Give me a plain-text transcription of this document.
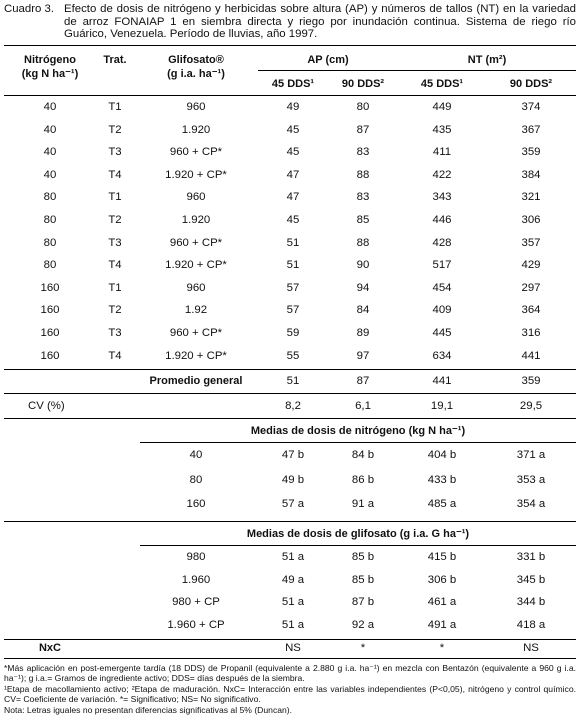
Cuadro 3. Efecto de dosis de nitrógeno y herbicidas sobre altura (AP) y números de tallos (NT) en la variedad de arroz FONAIAP 1 en siembra directa y riego por inundación continua. Sistema de riego río Guárico, Venezuela. Período de lluvias, año 1997.
Nitrógeno
(kg N ha⁻¹)
Trat.	Glifosato®
(g i.a. ha⁻¹)
AP (cm)	NT (m²)
45 DDS¹	90 DDS²	45 DDS¹	90 DDS²
40	T1	960	49	80	449	374
40	T2	1.920	45	87	435	367
40	T3	960 + CP*	45	83	411	359
40	T4	1.920 + CP*	47	88	422	384
80	T1	960	47	83	343	321
80	T2	1.920	45	85	446	306
80	T3	960 + CP*	51	88	428	357
80	T4	1.920 + CP*	51	90	517	429
160	T1	960	57	94	454	297
160	T2	1.92	57	84	409	364
160	T3	960 + CP*	59	89	445	316
160	T4	1.920 + CP*	55	97	634	441
Promedio general	51	87	441	359
CV (%)	8,2	6,1	19,1	29,5
Medias de dosis de nitrógeno (kg N ha⁻¹)
40	47 b	84 b	404 b	371 a
80	49 b	86 b	433 b	353 a
160	57 a	91 a	485 a	354 a
Medias de dosis de glifosato (g i.a. G ha⁻¹)
980	51 a	85 b	415 b	331 b
1.960	49 a	85 b	306 b	345 b
980 + CP	51 a	87 b	461 a	344 b
1.960 + CP	51 a	92 a	491 a	418 a
NxC	NS	*	*	NS
*Más aplicación en post-emergente tardía (18 DDS) de Propanil (equivalente a 2.880 g i.a. ha⁻¹) en mezcla con Bentazón (equivalente a 960 g i.a. ha⁻¹); g i.a.= Gramos de ingrediente activo; DDS= días después de la siembra.
¹Etapa de macollamiento activo; ²Etapa de maduración. NxC= Interacción entre las variables independientes (P<0,05), nitrógeno y control químico. CV= Coeficiente de variación. *= Significativo; NS= No significativo.
Nota: Letras iguales no presentan diferencias significativas al 5% (Duncan).
